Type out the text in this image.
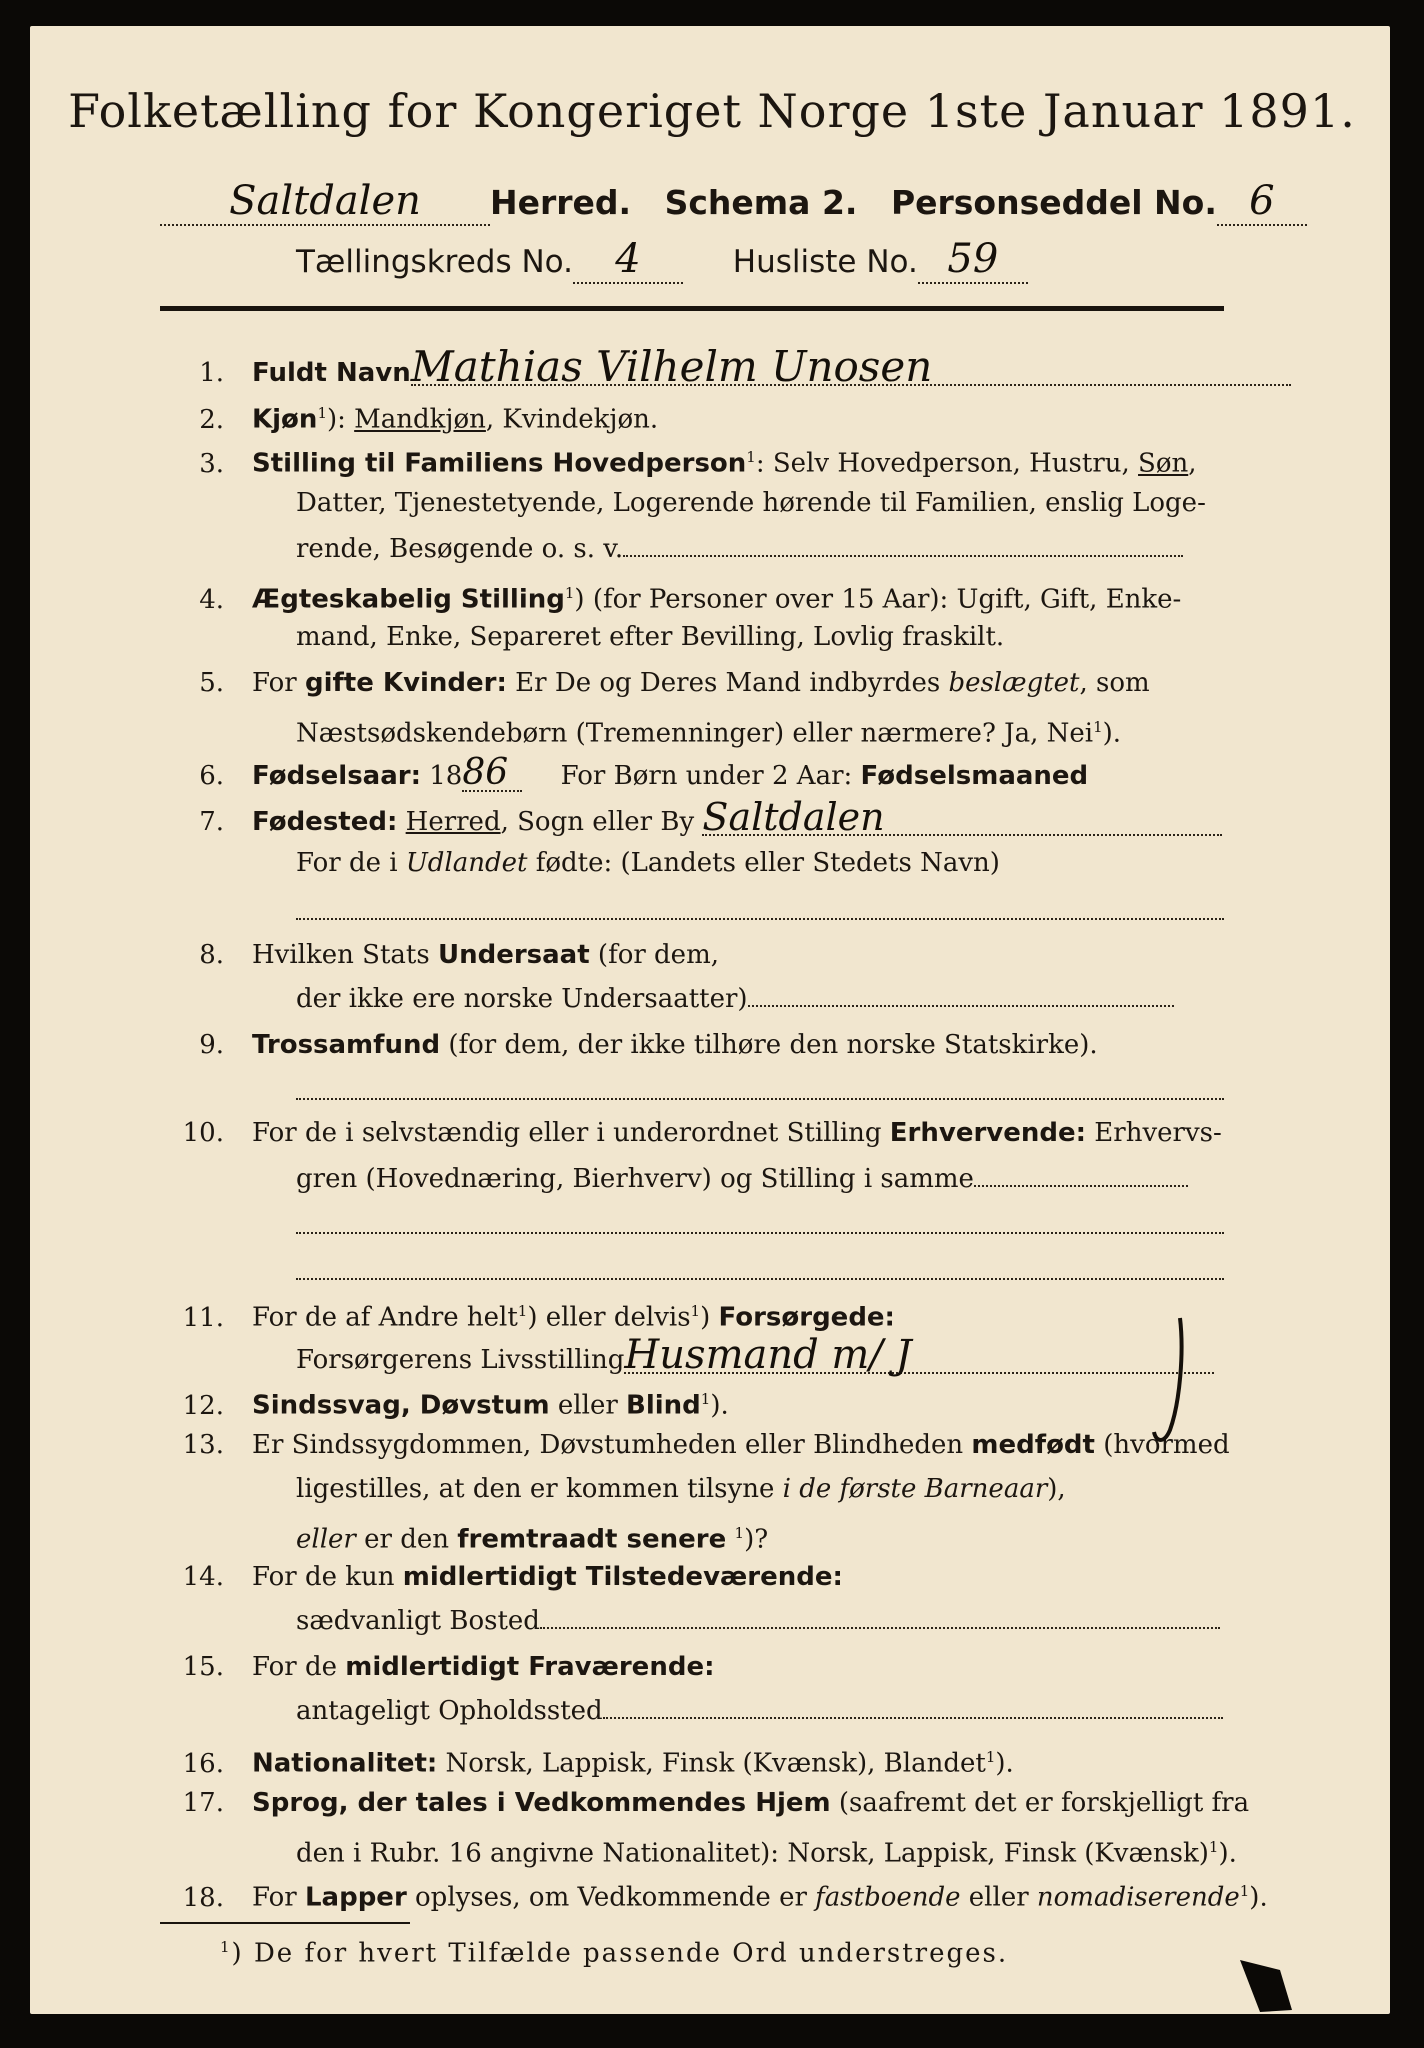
Folketælling for Kongeriget Norge 1ste Januar 1891.
Saltdalen Herred. Schema 2. Personseddel No. 6
Tællingskreds No. 4	Husliste No. 59
1. Fuldt NavnMathias Vilhelm Unosen
2. Kjøn$^1$): Mandkjøn, Kvindekjøn.
3. Stilling til Familiens Hovedperson$^1$: Selv Hovedperson, Hustru, Søn,
Datter, Tjenestetyende, Logerende hørende til Familien, enslig Loge-
rende, Besøgende o. s. v.
4. Ægteskabelig Stilling$^1$) (for Personer over 15 Aar): Ugift, Gift, Enke-
mand, Enke, Separeret efter Bevilling, Lovlig fraskilt.
5. For gifte Kvinder: Er De og Deres Mand indbyrdes beslægtet, som
Næstsødskendebørn (Tremenninger) eller nærmere? Ja, Nei$^1$).
6. Fødselsaar: 1886 For Børn under 2 Aar: Fødselsmaaned
7. Fødested: Herred, Sogn eller By Saltdalen
For de i Udlandet fødte: (Landets eller Stedets Navn)
8. Hvilken Stats Undersaat (for dem,
der ikke ere norske Undersaatter)
9. Trossamfund (for dem, der ikke tilhøre den norske Statskirke).
10. For de i selvstændig eller i underordnet Stilling Erhvervende: Erhvervs-
gren (Hovednæring, Bierhverv) og Stilling i samme
11. For de af Andre helt$^1$) eller delvis$^1$) Forsørgede:
Forsørgerens LivsstillingHusmand m/ J
12. Sindssvag, Døvstum eller Blind$^1$).
13. Er Sindssygdommen, Døvstumheden eller Blindheden medfødt (hvormed
ligestilles, at den er kommen tilsyne i de første Barneaar),
eller er den fremtraadt senere $^1$)?
14. For de kun midlertidigt Tilstedeværende:
sædvanligt Bosted
15. For de midlertidigt Fraværende:
antageligt Opholdssted
16. Nationalitet: Norsk, Lappisk, Finsk (Kvænsk), Blandet$^1$).
17. Sprog, der tales i Vedkommendes Hjem (saafremt det er forskjelligt fra
den i Rubr. 16 angivne Nationalitet): Norsk, Lappisk, Finsk (Kvænsk)$^1$).
18. For Lapper oplyses, om Vedkommende er fastboende eller nomadiserende$^1$).
$^1$) De for hvert Tilfælde passende Ord understreges.
